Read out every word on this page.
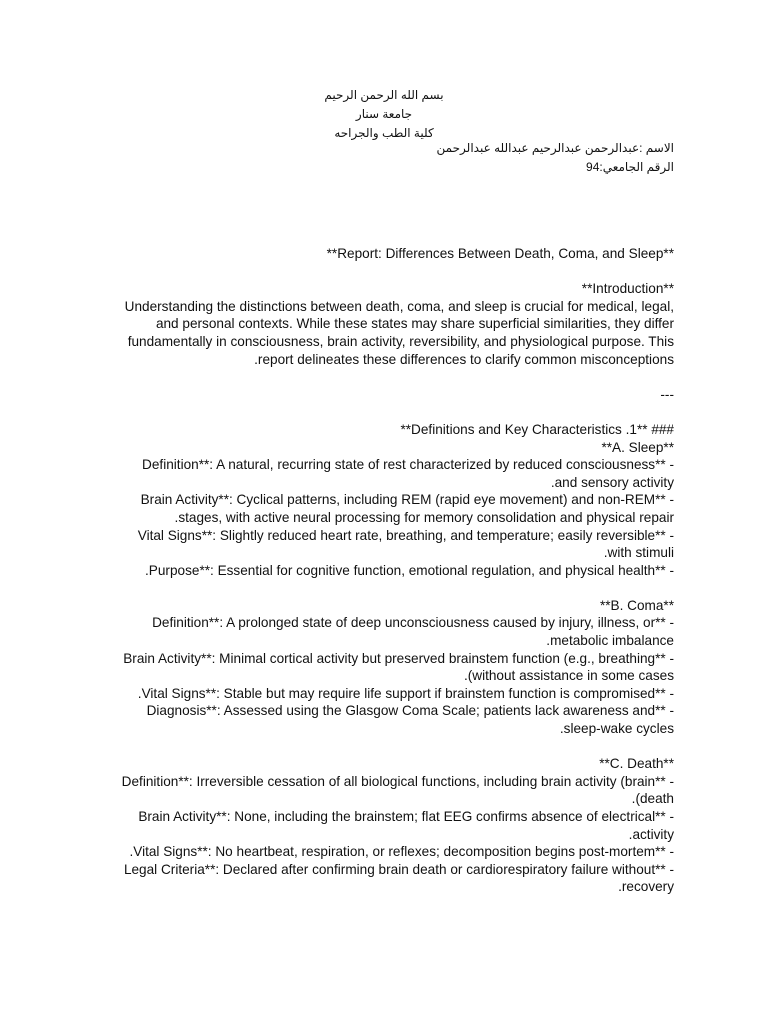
بسم الله الرحمن الرحيم
جامعة سنار
كلية الطب والجراحه
الاسم :عبدالرحمن عبدالرحيم عبدالله عبدالرحمن
الرقم الجامعي:94
**Report: Differences Between Death, Coma, and Sleep**
**Introduction**
Understanding the distinctions between death, coma, and sleep is crucial for medical, legal,
and personal contexts. While these states may share superficial similarities, they differ
fundamentally in consciousness, brain activity, reversibility, and physiological purpose. This
.report delineates these differences to clarify common misconceptions
---
**Definitions and Key Characteristics .1** ###
**A. Sleep**
Definition**: A natural, recurring state of rest characterized by reduced consciousness** -
.and sensory activity
Brain Activity**: Cyclical patterns, including REM (rapid eye movement) and non-REM** -
.stages, with active neural processing for memory consolidation and physical repair
Vital Signs**: Slightly reduced heart rate, breathing, and temperature; easily reversible** -
.with stimuli
.Purpose**: Essential for cognitive function, emotional regulation, and physical health** -
**B. Coma**
Definition**: A prolonged state of deep unconsciousness caused by injury, illness, or** -
.metabolic imbalance
Brain Activity**: Minimal cortical activity but preserved brainstem function (e.g., breathing** -
.(without assistance in some cases
.Vital Signs**: Stable but may require life support if brainstem function is compromised** -
Diagnosis**: Assessed using the Glasgow Coma Scale; patients lack awareness and** -
.sleep-wake cycles
**C. Death**
Definition**: Irreversible cessation of all biological functions, including brain activity (brain** -
.(death
Brain Activity**: None, including the brainstem; flat EEG confirms absence of electrical** -
.activity
.Vital Signs**: No heartbeat, respiration, or reflexes; decomposition begins post-mortem** -
Legal Criteria**: Declared after confirming brain death or cardiorespiratory failure without** -
.recovery
